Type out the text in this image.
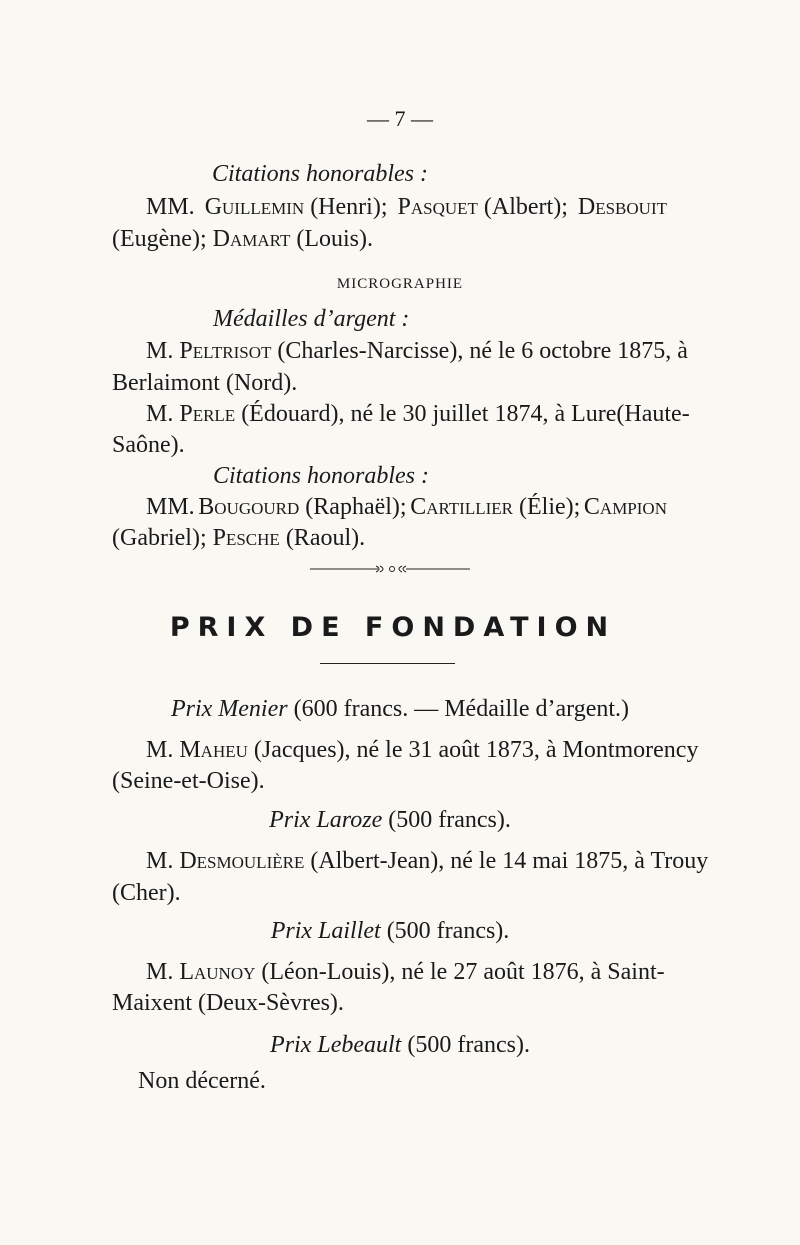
— 7 —
Citations honorables :
MM. Guillemin (Henri); Pasquet (Albert); Desbouit
(Eugène); Damart (Louis).
MICROGRAPHIE
Médailles d’argent :
M. Peltrisot (Charles-Narcisse), né le 6 octobre 1875, à
Berlaimont (Nord).
M. Perle (Édouard), né le 30 juillet 1874, à Lure(Haute-
Saône).
Citations honorables :
MM. Bougourd (Raphaël); Cartillier (Élie); Campion
(Gabriel); Pesche (Raoul).
PRIX DE FONDATION
Prix Menier (600 francs. — Médaille d’argent.)
M. Maheu (Jacques), né le 31 août 1873, à Montmorency
(Seine-et-Oise).
Prix Laroze (500 francs).
M. Desmoulière (Albert-Jean), né le 14 mai 1875, à Trouy
(Cher).
Prix Laillet (500 francs).
M. Launoy (Léon-Louis), né le 27 août 1876, à Saint-
Maixent (Deux-Sèvres).
Prix Lebeault (500 francs).
Non décerné.
